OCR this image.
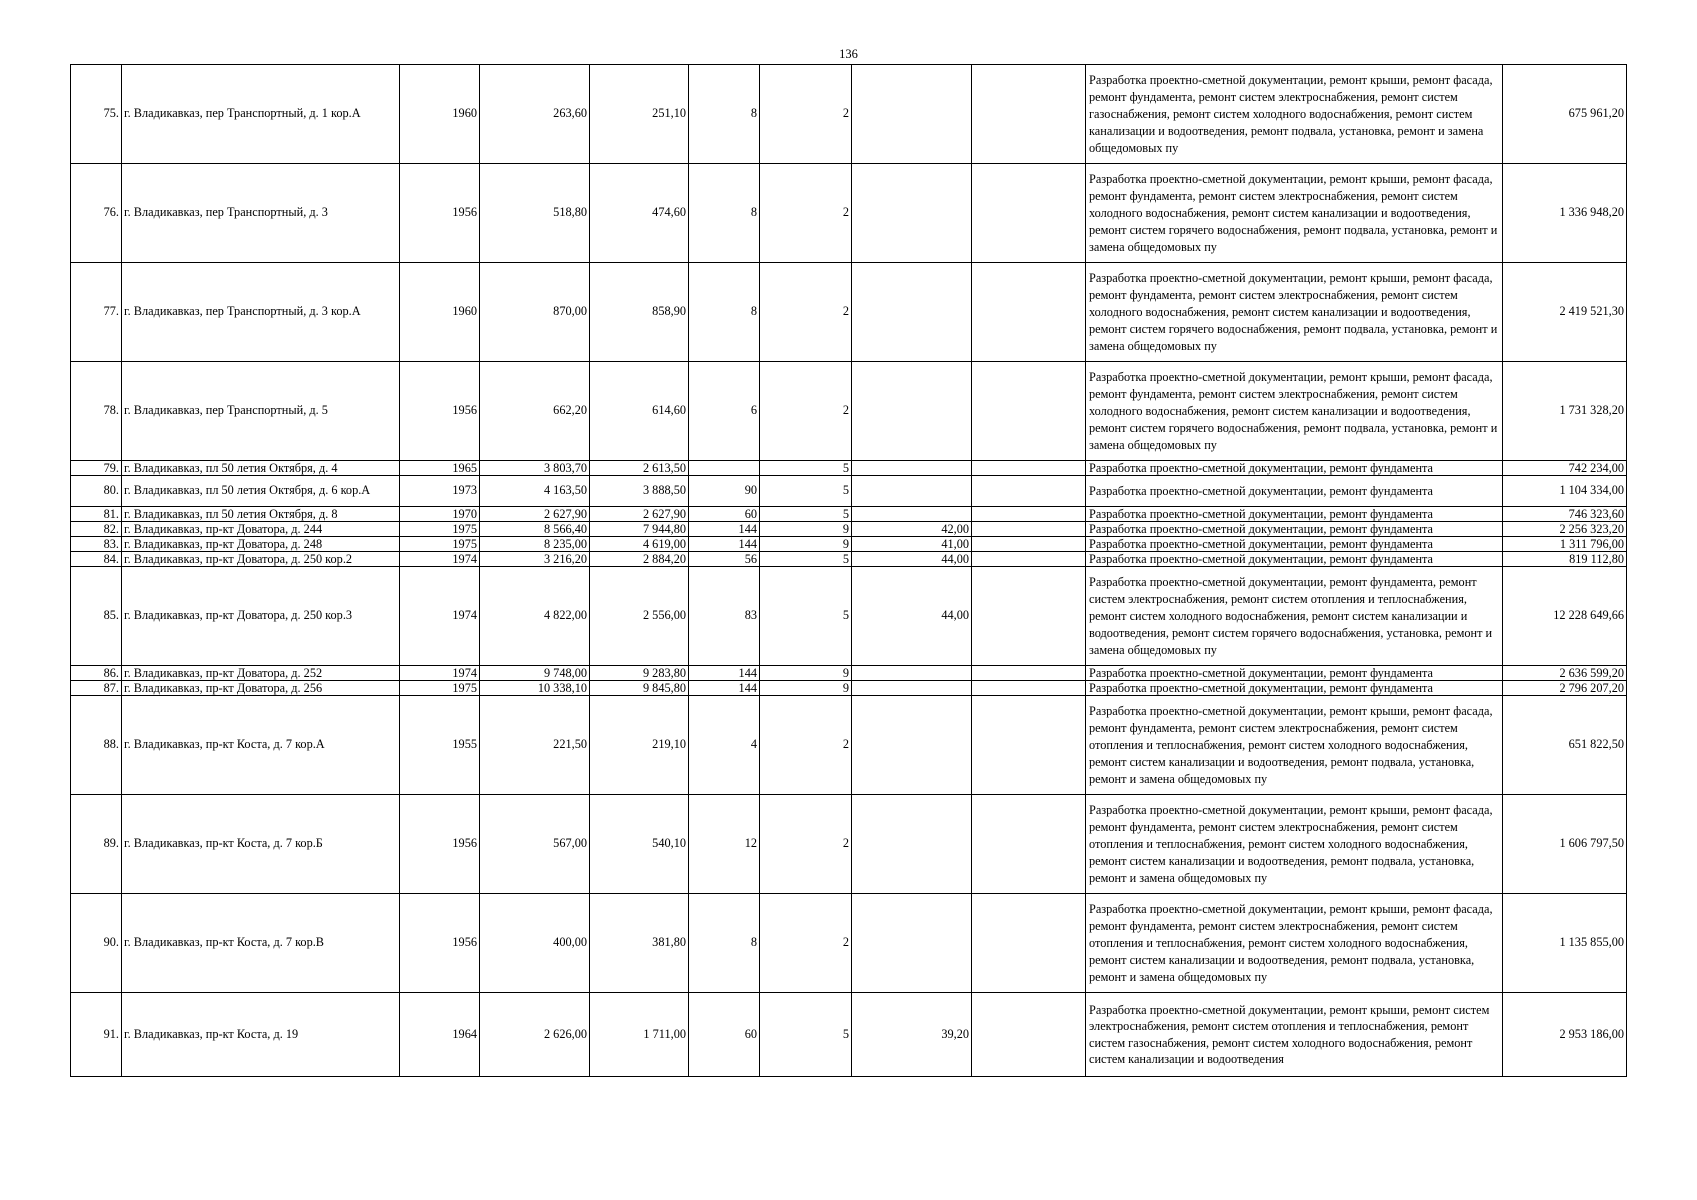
136
75.	г. Владикавказ, пер Транспортный, д. 1 кор.А	1960	263,60	251,10	8	2			Разработка проектно-сметной документации, ремонт крыши, ремонт фасада, ремонт фундамента, ремонт систем электроснабжения, ремонт систем газоснабжения, ремонт систем холодного водоснабжения, ремонт систем канализации и водоотведения, ремонт подвала, установка, ремонт и замена общедомовых пу	675 961,20
76.	г. Владикавказ, пер Транспортный, д. 3	1956	518,80	474,60	8	2			Разработка проектно-сметной документации, ремонт крыши, ремонт фасада, ремонт фундамента, ремонт систем электроснабжения, ремонт систем холодного водоснабжения, ремонт систем канализации и водоотведения, ремонт систем горячего водоснабжения, ремонт подвала, установка, ремонт и замена общедомовых пу	1 336 948,20
77.	г. Владикавказ, пер Транспортный, д. 3 кор.А	1960	870,00	858,90	8	2			Разработка проектно-сметной документации, ремонт крыши, ремонт фасада, ремонт фундамента, ремонт систем электроснабжения, ремонт систем холодного водоснабжения, ремонт систем канализации и водоотведения, ремонт систем горячего водоснабжения, ремонт подвала, установка, ремонт и замена общедомовых пу	2 419 521,30
78.	г. Владикавказ, пер Транспортный, д. 5	1956	662,20	614,60	6	2			Разработка проектно-сметной документации, ремонт крыши, ремонт фасада, ремонт фундамента, ремонт систем электроснабжения, ремонт систем холодного водоснабжения, ремонт систем канализации и водоотведения, ремонт систем горячего водоснабжения, ремонт подвала, установка, ремонт и замена общедомовых пу	1 731 328,20
79.	г. Владикавказ, пл 50 летия Октября, д. 4	1965	3 803,70	2 613,50		5			Разработка проектно-сметной документации, ремонт фундамента	742 234,00
80.	г. Владикавказ, пл 50 летия Октября, д. 6 кор.А	1973	4 163,50	3 888,50	90	5			Разработка проектно-сметной документации, ремонт фундамента	1 104 334,00
81.	г. Владикавказ, пл 50 летия Октября, д. 8	1970	2 627,90	2 627,90	60	5			Разработка проектно-сметной документации, ремонт фундамента	746 323,60
82.	г. Владикавказ, пр-кт Доватора, д. 244	1975	8 566,40	7 944,80	144	9	42,00		Разработка проектно-сметной документации, ремонт фундамента	2 256 323,20
83.	г. Владикавказ, пр-кт Доватора, д. 248	1975	8 235,00	4 619,00	144	9	41,00		Разработка проектно-сметной документации, ремонт фундамента	1 311 796,00
84.	г. Владикавказ, пр-кт Доватора, д. 250 кор.2	1974	3 216,20	2 884,20	56	5	44,00		Разработка проектно-сметной документации, ремонт фундамента	819 112,80
85.	г. Владикавказ, пр-кт Доватора, д. 250 кор.3	1974	4 822,00	2 556,00	83	5	44,00		Разработка проектно-сметной документации, ремонт фундамента, ремонт систем электроснабжения, ремонт систем отопления и теплоснабжения, ремонт систем холодного водоснабжения, ремонт систем канализации и водоотведения, ремонт систем горячего водоснабжения, установка, ремонт и замена общедомовых пу	12 228 649,66
86.	г. Владикавказ, пр-кт Доватора, д. 252	1974	9 748,00	9 283,80	144	9			Разработка проектно-сметной документации, ремонт фундамента	2 636 599,20
87.	г. Владикавказ, пр-кт Доватора, д. 256	1975	10 338,10	9 845,80	144	9			Разработка проектно-сметной документации, ремонт фундамента	2 796 207,20
88.	г. Владикавказ, пр-кт Коста, д. 7 кор.А	1955	221,50	219,10	4	2			Разработка проектно-сметной документации, ремонт крыши, ремонт фасада, ремонт фундамента, ремонт систем электроснабжения, ремонт систем отопления и теплоснабжения, ремонт систем холодного водоснабжения, ремонт систем канализации и водоотведения, ремонт подвала, установка, ремонт и замена общедомовых пу	651 822,50
89.	г. Владикавказ, пр-кт Коста, д. 7 кор.Б	1956	567,00	540,10	12	2			Разработка проектно-сметной документации, ремонт крыши, ремонт фасада, ремонт фундамента, ремонт систем электроснабжения, ремонт систем отопления и теплоснабжения, ремонт систем холодного водоснабжения, ремонт систем канализации и водоотведения, ремонт подвала, установка, ремонт и замена общедомовых пу	1 606 797,50
90.	г. Владикавказ, пр-кт Коста, д. 7 кор.В	1956	400,00	381,80	8	2			Разработка проектно-сметной документации, ремонт крыши, ремонт фасада, ремонт фундамента, ремонт систем электроснабжения, ремонт систем отопления и теплоснабжения, ремонт систем холодного водоснабжения, ремонт систем канализации и водоотведения, ремонт подвала, установка, ремонт и замена общедомовых пу	1 135 855,00
91.	г. Владикавказ, пр-кт Коста, д. 19	1964	2 626,00	1 711,00	60	5	39,20		Разработка проектно-сметной документации, ремонт крыши, ремонт систем электроснабжения, ремонт систем отопления и теплоснабжения, ремонт систем газоснабжения, ремонт систем холодного водоснабжения, ремонт систем канализации и водоотведения	2 953 186,00
